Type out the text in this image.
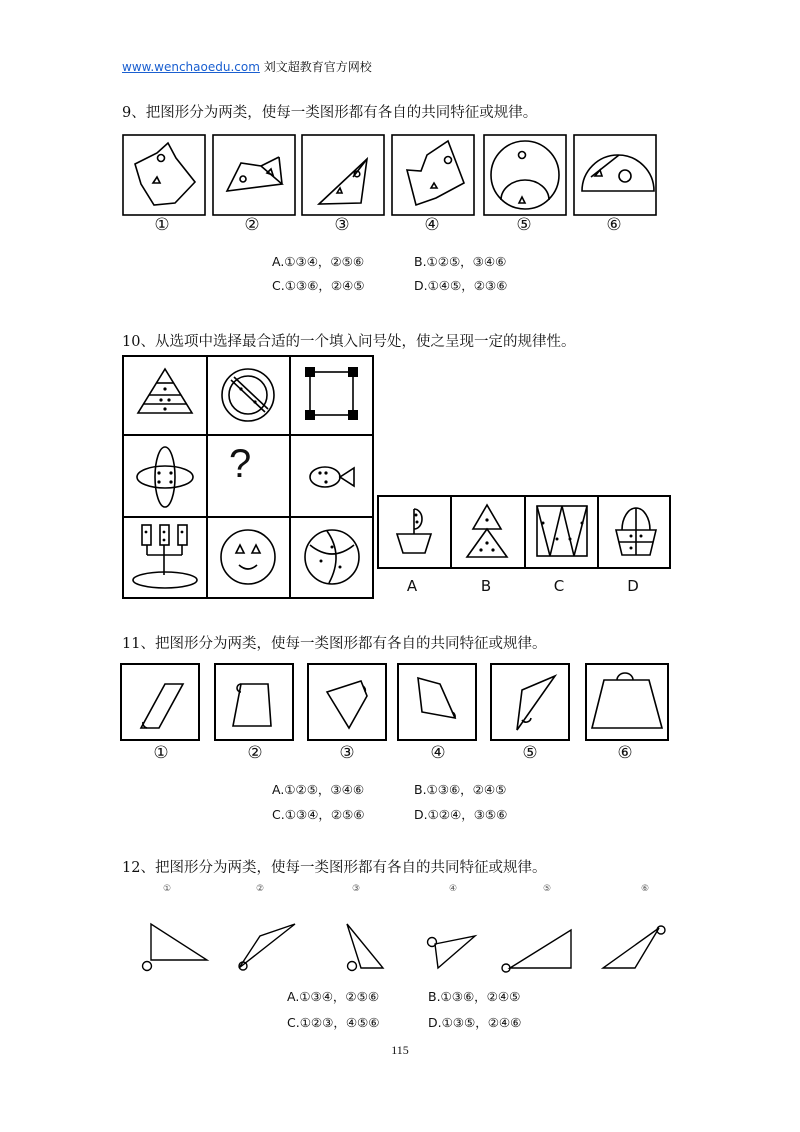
www.wenchaoedu.com 刘文超教育官方网校
9、把图形分为两类，使每一类图形都有各自的共同特征或规律。
①	②	③	④	⑤	⑥
A.①③④，②⑤⑥	B.①②⑤，③④⑥
C.①③⑥，②④⑤	D.①④⑤，②③⑥
10、从选项中选择最合适的一个填入问号处，使之呈现一定的规律性。
?
A	B	C	D
11、把图形分为两类，使每一类图形都有各自的共同特征或规律。
①	②	③	④	⑤	⑥
A.①②⑤，③④⑥	B.①③⑥，②④⑤
C.①③④，②⑤⑥	D.①②④，③⑤⑥
12、把图形分为两类，使每一类图形都有各自的共同特征或规律。
①	②	③	④	⑤	⑥
A.①③④，②⑤⑥	B.①③⑥，②④⑤
C.①②③，④⑤⑥	D.①③⑤，②④⑥
115
